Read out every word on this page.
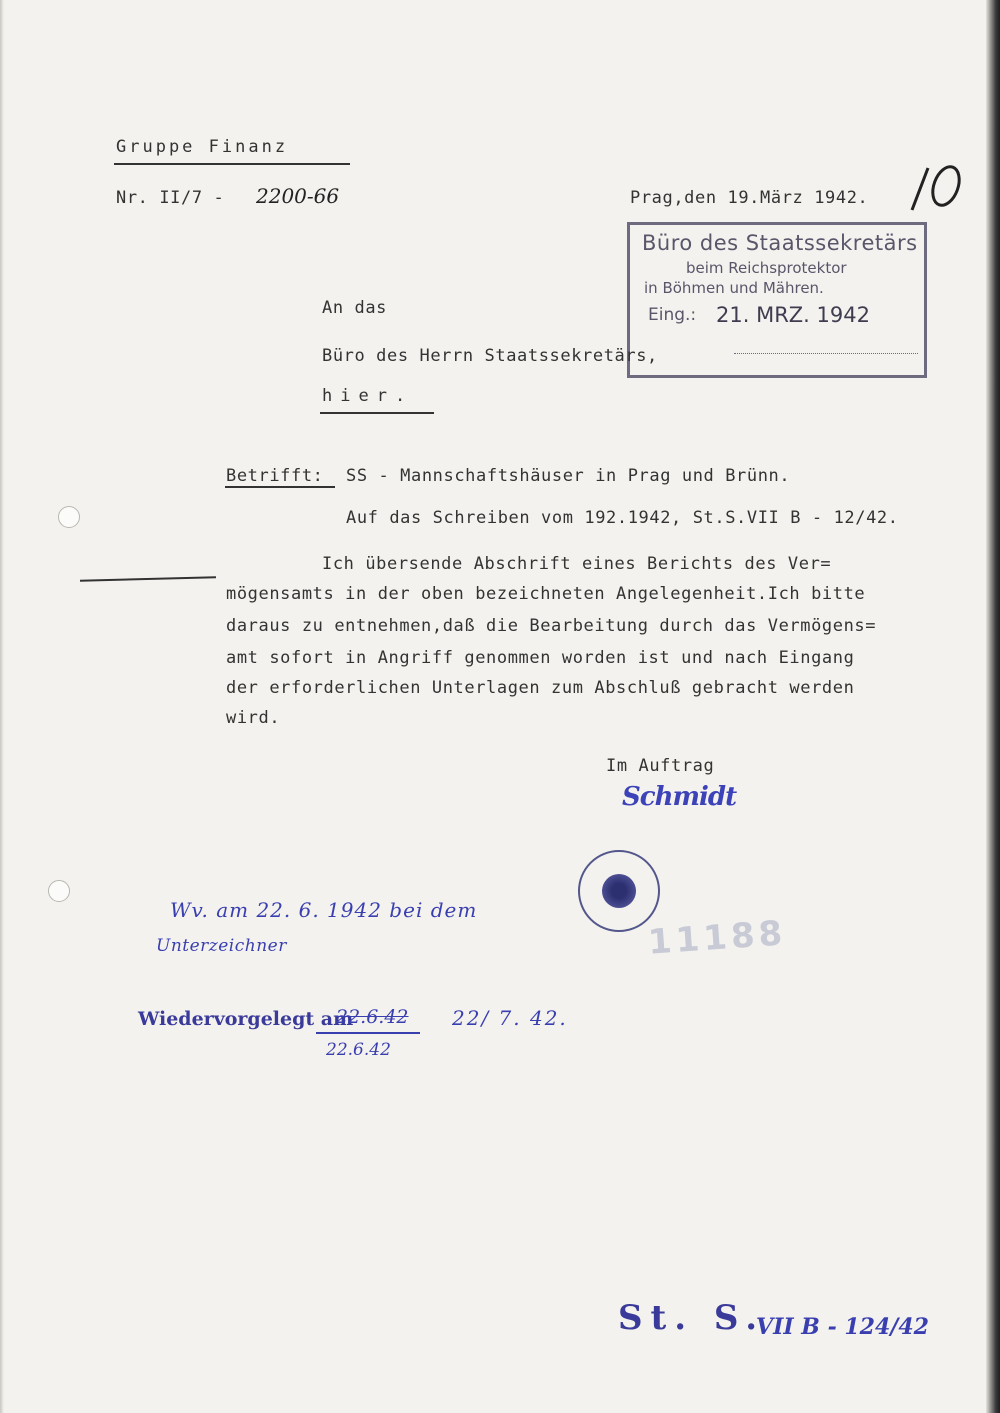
Gruppe Finanz
Nr. II/7 - 2200-66	Prag,den 19.März 1942.
Büro des Staatssekretärs
beim Reichsprotektor
in Böhmen und Mähren.
Eing.: 21. MRZ. 1942
An das
Büro des Herrn Staatssekretärs,
hier.
Betrifft: SS - Mannschaftshäuser in Prag und Brünn.
Auf das Schreiben vom 192.1942, St.S.VII B - 12/42.
Ich übersende Abschrift eines Berichts des Ver=
mögensamts in der oben bezeichneten Angelegenheit.Ich bitte
daraus zu entnehmen,daß die Bearbeitung durch das Vermögens=
amt sofort in Angriff genommen worden ist und nach Eingang
der erforderlichen Unterlagen zum Abschluß gebracht werden
wird.
Im Auftrag
Schmidt
11188
Wv. am 22. 6. 1942 bei dem
Unterzeichner
Wiedervorgelegt am
22.6.42 22/ 7. 42.
22.6.42
St. S.
VII B - 124/42
